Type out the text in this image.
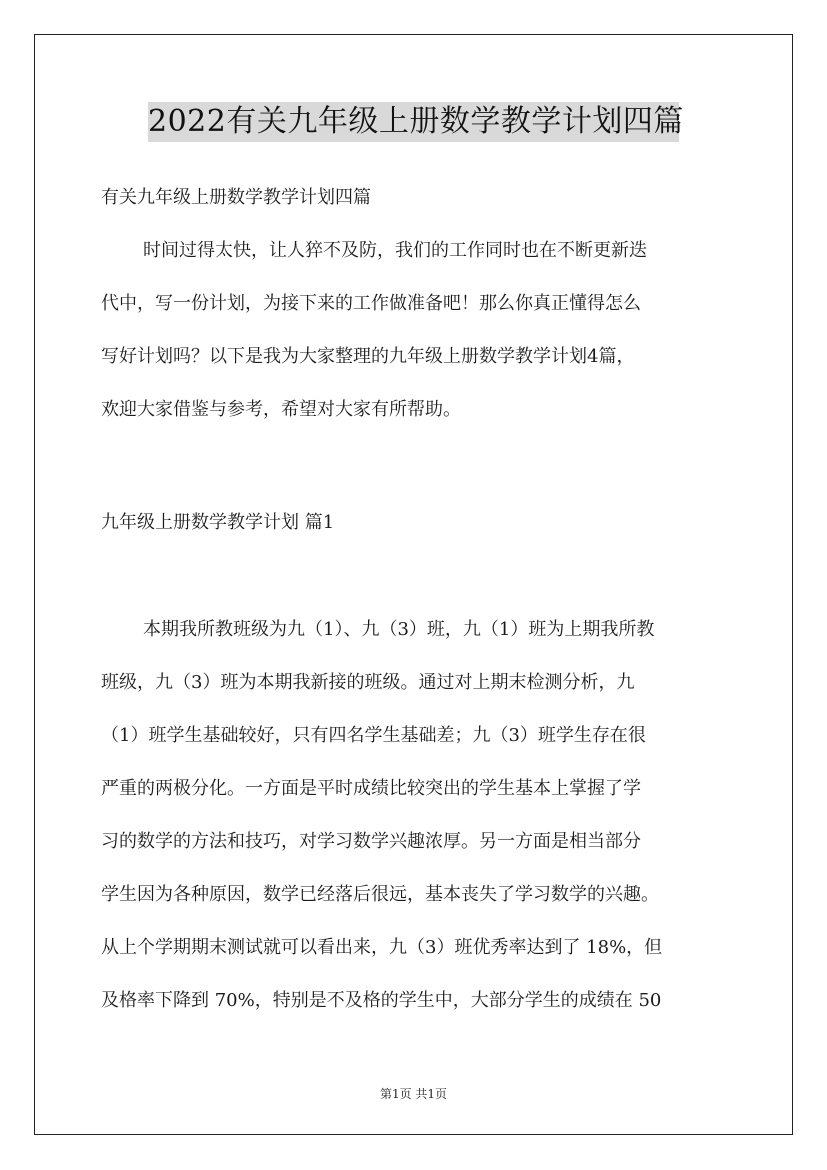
2022有关九年级上册数学教学计划四篇
有关九年级上册数学教学计划四篇
时间过得太快，让人猝不及防，我们的工作同时也在不断更新迭
代中，写一份计划，为接下来的工作做准备吧！那么你真正懂得怎么
写好计划吗？以下是我为大家整理的九年级上册数学教学计划4篇，
欢迎大家借鉴与参考，希望对大家有所帮助。
九年级上册数学教学计划 篇1
本期我所教班级为九（1）、九（3）班，九（1）班为上期我所教
班级，九（3）班为本期我新接的班级。通过对上期末检测分析，九
（1）班学生基础较好，只有四名学生基础差；九（3）班学生存在很
严重的两极分化。一方面是平时成绩比较突出的学生基本上掌握了学
习的数学的方法和技巧，对学习数学兴趣浓厚。另一方面是相当部分
学生因为各种原因，数学已经落后很远，基本丧失了学习数学的兴趣。
从上个学期期末测试就可以看出来，九（3）班优秀率达到了 18%，但
及格率下降到 70%，特别是不及格的学生中，大部分学生的成绩在 50
第1页 共1页
